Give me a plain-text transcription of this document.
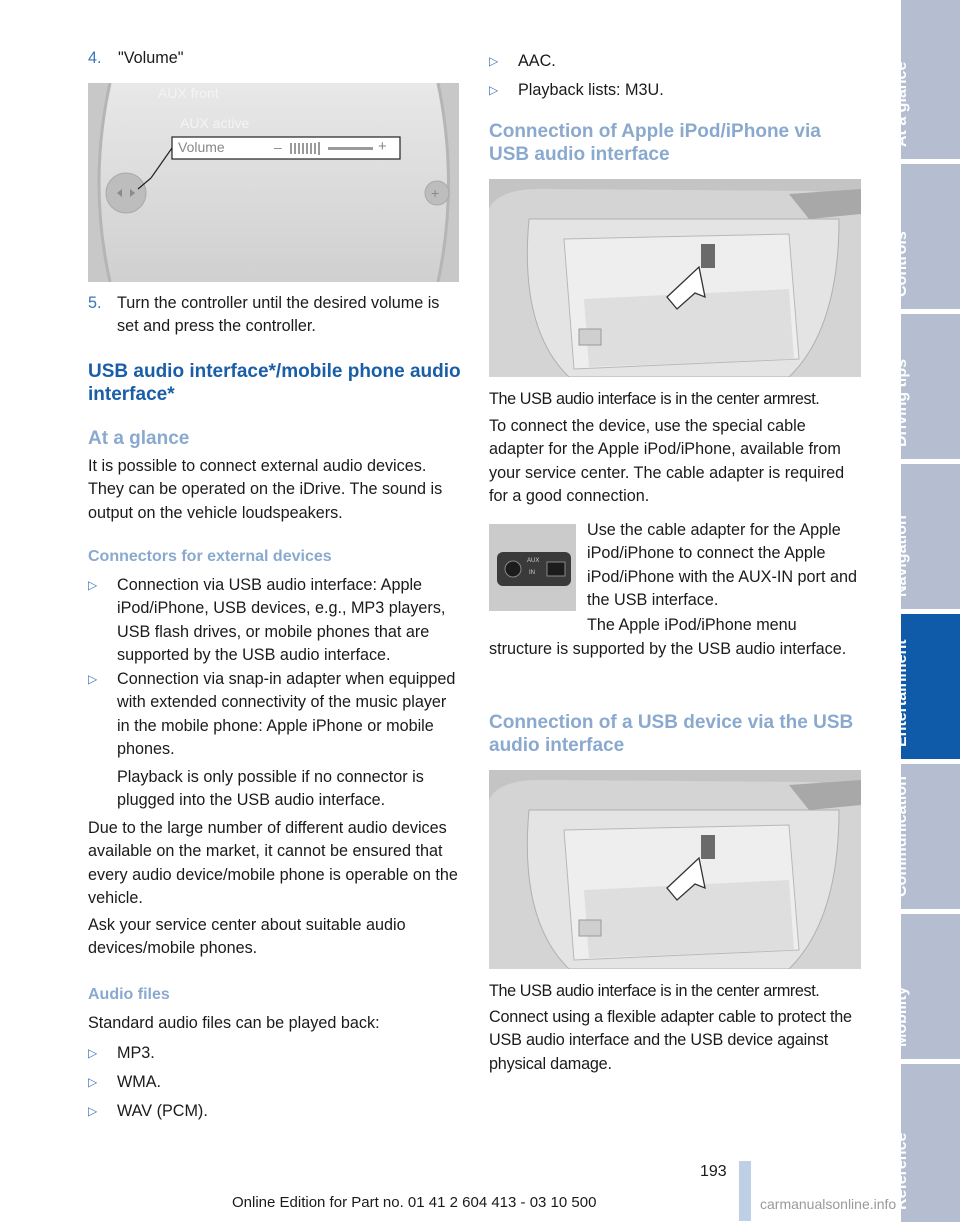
4. "Volume"
+
AUX front
AUX active
Volume	–	+
5. Turn the controller until the desired volume is set and press the controller.
USB audio interface*/mobile phone audio interface*
At a glance
It is possible to connect external audio devices. They can be operated on the iDrive. The sound is output on the vehicle loudspeakers.
Connectors for external devices
▷ Connection via USB audio interface: Apple iPod/iPhone, USB devices, e.g., MP3 players, USB flash drives, or mobile phones that are supported by the USB audio interface.
▷ Connection via snap-in adapter when equipped with extended connectivity of the music player in the mobile phone: Apple iPhone or mobile phones.
Playback is only possible if no connector is plugged into the USB audio interface.
Due to the large number of different audio devices available on the market, it cannot be ensured that every audio device/mobile phone is operable on the vehicle.
Ask your service center about suitable audio devices/mobile phones.
Audio files
Standard audio files can be played back:
▷ MP3.
▷ WMA.
▷ WAV (PCM).
▷ AAC.
▷ Playback lists: M3U.
Connection of Apple iPod/iPhone via USB audio interface
The USB audio interface is in the center armrest.
To connect the device, use the special cable adapter for the Apple iPod/iPhone, available from your service center. The cable adapter is required for a good connection.
AUX
IN
Use the cable adapter for the Apple iPod/iPhone to connect the Apple iPod/iPhone with the AUX-IN port and the USB interface.
The Apple iPod/iPhone menu
structure is supported by the USB audio interface.
Connection of a USB device via the USB audio interface
The USB audio interface is in the center armrest.
Connect using a flexible adapter cable to protect the USB audio interface and the USB device against physical damage.
At a glance
Controls
Driving tips
Navigation
Entertainment
Communication
Mobility
Reference
193
Online Edition for Part no. 01 41 2 604 413 - 03 10 500	carmanualsonline.info
